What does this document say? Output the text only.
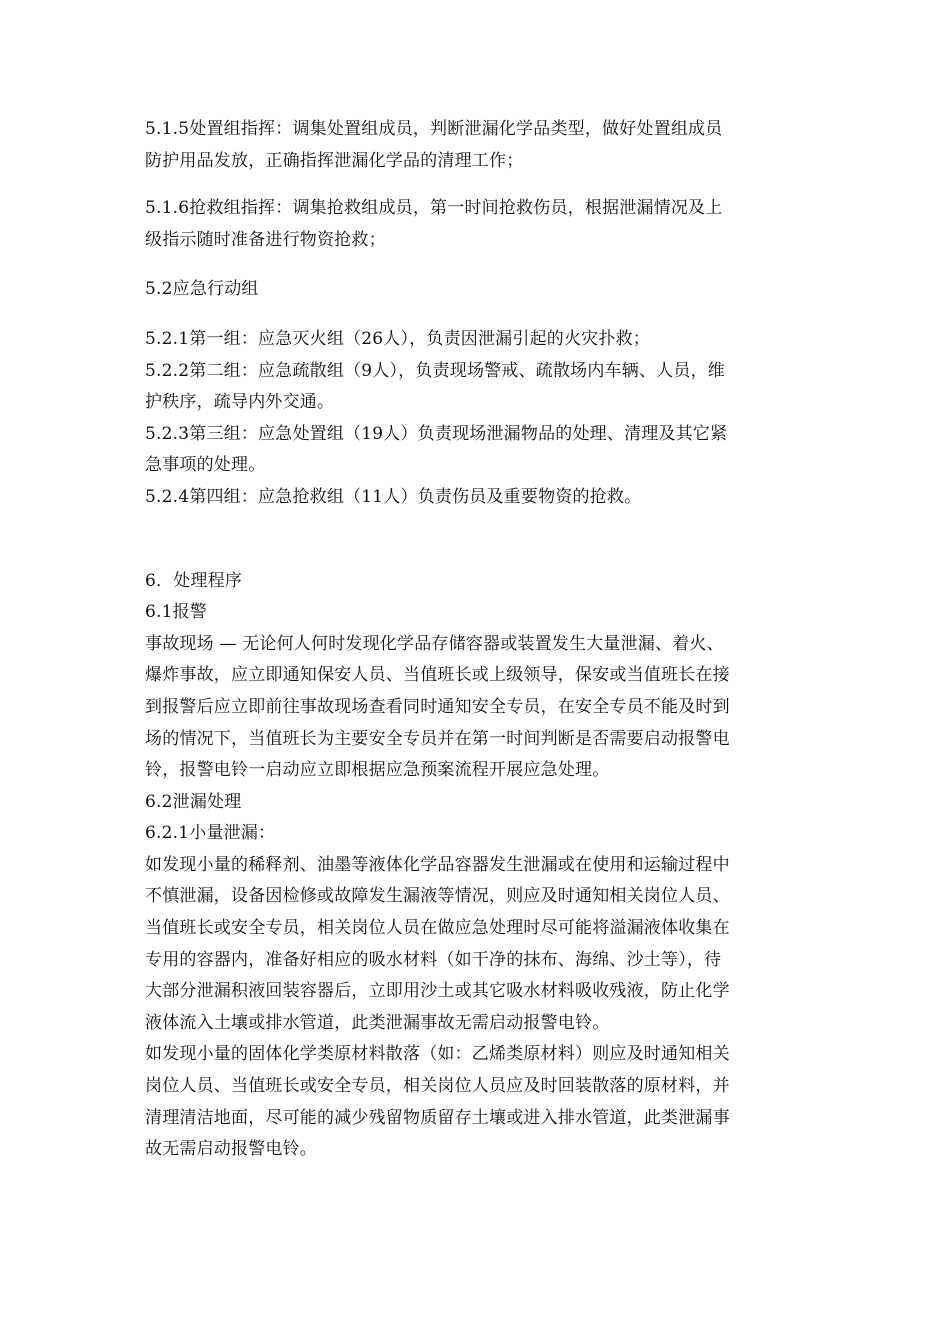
5.1.5处置组指挥：调集处置组成员，判断泄漏化学品类型，做好处置组成员
防护用品发放，正确指挥泄漏化学品的清理工作；
5.1.6抢救组指挥：调集抢救组成员，第一时间抢救伤员，根据泄漏情况及上
级指示随时准备进行物资抢救；
5.2应急行动组
5.2.1第一组：应急灭火组（26人），负责因泄漏引起的火灾扑救；
5.2.2第二组：应急疏散组（9人），负责现场警戒、疏散场内车辆、人员，维
护秩序，疏导内外交通。
5.2.3第三组：应急处置组（19人）负责现场泄漏物品的处理、清理及其它紧
急事项的处理。
5.2.4第四组：应急抢救组（11人）负责伤员及重要物资的抢救。
6．处理程序
6.1报警
事故现场 — 无论何人何时发现化学品存储容器或装置发生大量泄漏、着火、
爆炸事故，应立即通知保安人员、当值班长或上级领导，保安或当值班长在接
到报警后应立即前往事故现场查看同时通知安全专员，在安全专员不能及时到
场的情况下，当值班长为主要安全专员并在第一时间判断是否需要启动报警电
铃，报警电铃一启动应立即根据应急预案流程开展应急处理。
6.2泄漏处理
6.2.1小量泄漏：
如发现小量的稀释剂、油墨等液体化学品容器发生泄漏或在使用和运输过程中
不慎泄漏，设备因检修或故障发生漏液等情况，则应及时通知相关岗位人员、
当值班长或安全专员，相关岗位人员在做应急处理时尽可能将溢漏液体收集在
专用的容器内，准备好相应的吸水材料（如干净的抹布、海绵、沙土等），待
大部分泄漏积液回装容器后，立即用沙土或其它吸水材料吸收残液，防止化学
液体流入土壤或排水管道，此类泄漏事故无需启动报警电铃。
如发现小量的固体化学类原材料散落（如：乙烯类原材料）则应及时通知相关
岗位人员、当值班长或安全专员，相关岗位人员应及时回装散落的原材料，并
清理清洁地面，尽可能的减少残留物质留存土壤或进入排水管道，此类泄漏事
故无需启动报警电铃。
